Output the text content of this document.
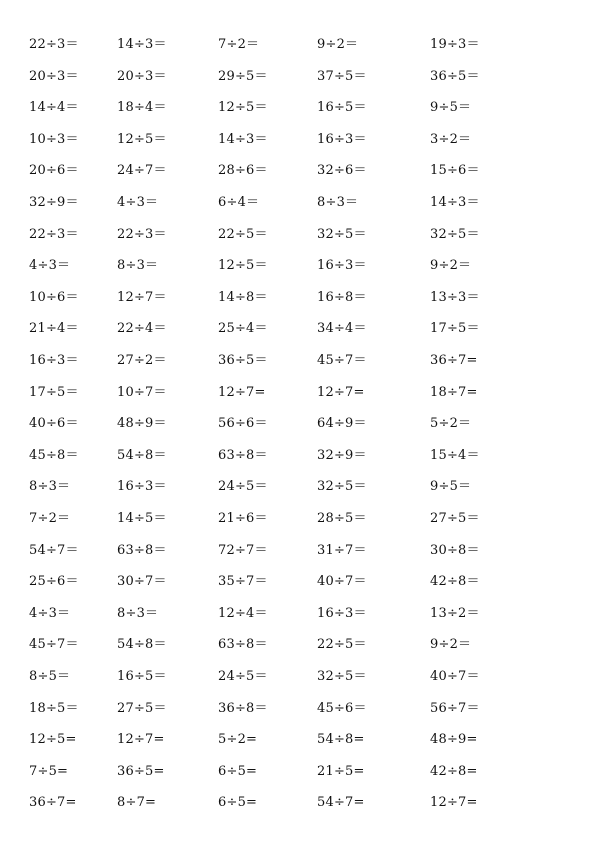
22÷3＝	14÷3＝	7÷2＝	9÷2＝	19÷3＝
20÷3＝	20÷3＝	29÷5＝	37÷5＝	36÷5＝
14÷4＝	18÷4＝	12÷5＝	16÷5＝	9÷5＝
10÷3＝	12÷5＝	14÷3＝	16÷3＝	3÷2＝
20÷6＝	24÷7＝	28÷6＝	32÷6＝	15÷6＝
32÷9＝	4÷3＝	6÷4＝	8÷3＝	14÷3＝
22÷3＝	22÷3＝	22÷5＝	32÷5＝	32÷5＝
4÷3＝	8÷3＝	12÷5＝	16÷3＝	9÷2＝
10÷6＝	12÷7＝	14÷8＝	16÷8＝	13÷3＝
21÷4＝	22÷4＝	25÷4＝	34÷4＝	17÷5＝
16÷3＝	27÷2＝	36÷5＝	45÷7＝	36÷7=
17÷5＝	10÷7＝	12÷7=	12÷7=	18÷7=
40÷6＝	48÷9＝	56÷6＝	64÷9＝	5÷2＝
45÷8＝	54÷8＝	63÷8＝	32÷9＝	15÷4＝
8÷3＝	16÷3＝	24÷5＝	32÷5＝	9÷5＝
7÷2＝	14÷5＝	21÷6＝	28÷5＝	27÷5＝
54÷7＝	63÷8＝	72÷7＝	31÷7＝	30÷8＝
25÷6＝	30÷7＝	35÷7＝	40÷7＝	42÷8＝
4÷3＝	8÷3＝	12÷4＝	16÷3＝	13÷2＝
45÷7＝	54÷8＝	63÷8＝	22÷5＝	9÷2＝
8÷5＝	16÷5＝	24÷5＝	32÷5＝	40÷7＝
18÷5＝	27÷5＝	36÷8＝	45÷6＝	56÷7＝
12÷5=	12÷7=	5÷2=	54÷8=	48÷9=
7÷5=	36÷5=	6÷5=	21÷5=	42÷8=
36÷7=	8÷7=	6÷5=	54÷7=	12÷7=
